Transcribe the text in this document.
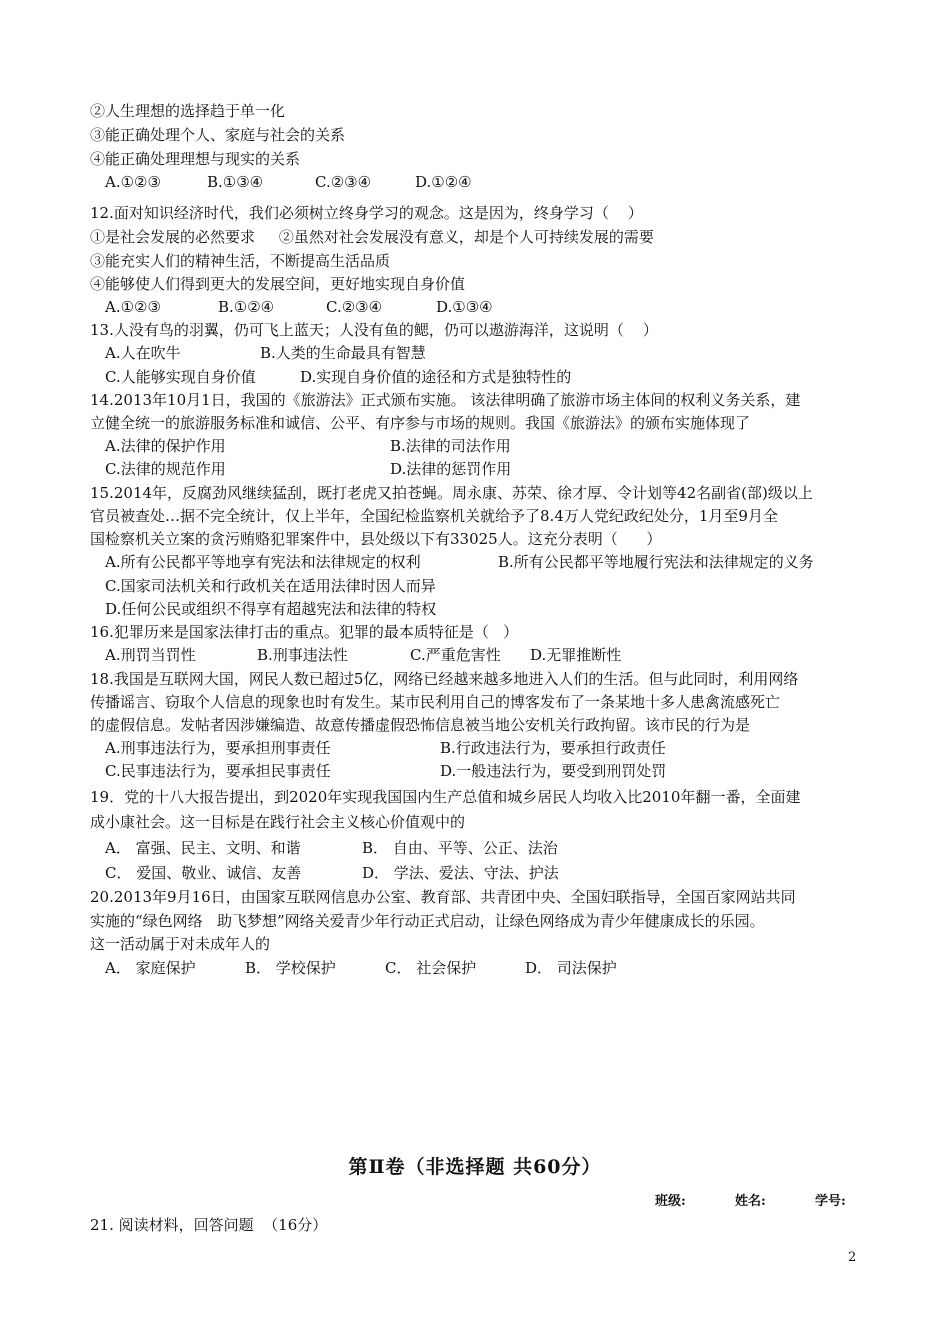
②人生理想的选择趋于单一化
③能正确处理个人、家庭与社会的关系
④能正确处理理想与现实的关系
A.①②③	B.①③④	C.②③④	D.①②④
12.面对知识经济时代，我们必须树立终身学习的观念。这是因为，终身学习（    ）
①是社会发展的必然要求     ②虽然对社会发展没有意义，却是个人可持续发展的需要
③能充实人们的精神生活，不断提高生活品质
④能够使人们得到更大的发展空间，更好地实现自身价值
A.①②③	B.①②④	C.②③④	D.①③④
13.人没有鸟的羽翼，仍可飞上蓝天；人没有鱼的鳃，仍可以遨游海洋，这说明（    ）
A.人在吹牛	B.人类的生命最具有智慧
C.人能够实现自身价值	D.实现自身价值的途径和方式是独特性的
14.2013年10月1日，我国的《旅游法》正式颁布实施。 该法律明确了旅游市场主体间的权利义务关系，建
立健全统一的旅游服务标准和诚信、公平、有序参与市场的规则。我国《旅游法》的颁布实施体现了
A.法律的保护作用	B.法律的司法作用
C.法律的规范作用	D.法律的惩罚作用
15.2014年，反腐劲风继续猛刮，既打老虎又拍苍蝇。周永康、苏荣、徐才厚、令计划等42名副省(部)级以上
官员被查处…据不完全统计，仅上半年，全国纪检监察机关就给予了8.4万人党纪政纪处分，1月至9月全
国检察机关立案的贪污贿赂犯罪案件中，县处级以下有33025人。这充分表明（      ）
A.所有公民都平等地享有宪法和法律规定的权利	B.所有公民都平等地履行宪法和法律规定的义务
C.国家司法机关和行政机关在适用法律时因人而异
D.任何公民或组织不得享有超越宪法和法律的特权
16.犯罪历来是国家法律打击的重点。犯罪的最本质特征是（   ）
A.刑罚当罚性	B.刑事违法性	C.严重危害性 D.无罪推断性
18.我国是互联网大国，网民人数已超过5亿，网络已经越来越多地进入人们的生活。但与此同时，利用网络
传播谣言、窃取个人信息的现象也时有发生。某市民利用自己的博客发布了一条某地十多人患禽流感死亡
的虚假信息。发帖者因涉嫌编造、故意传播虚假恐怖信息被当地公安机关行政拘留。该市民的行为是
A.刑事违法行为，要承担刑事责任	B.行政违法行为，要承担行政责任
C.民事违法行为，要承担民事责任	D.一般违法行为，要受到刑罚处罚
19．党的十八大报告提出，到2020年实现我国国内生产总值和城乡居民人均收入比2010年翻一番，全面建
成小康社会。这一目标是在践行社会主义核心价值观中的
A． 富强、民主、文明、和谐	B． 自由、平等、公正、法治
C． 爱国、敬业、诚信、友善	D． 学法、爱法、守法、护法
20.2013年9月16日，由国家互联网信息办公室、教育部、共青团中央、全国妇联指导，全国百家网站共同
实施的“绿色网络   助飞梦想”网络关爱青少年行动正式启动，让绿色网络成为青少年健康成长的乐园。
这一活动属于对未成年人的
A． 家庭保护	B． 学校保护	C． 社会保护	D． 司法保护
第Ⅱ卷（非选择题 共60分）
班级:	姓名:	学号:
21. 阅读材料，回答问题  （16分）
2
